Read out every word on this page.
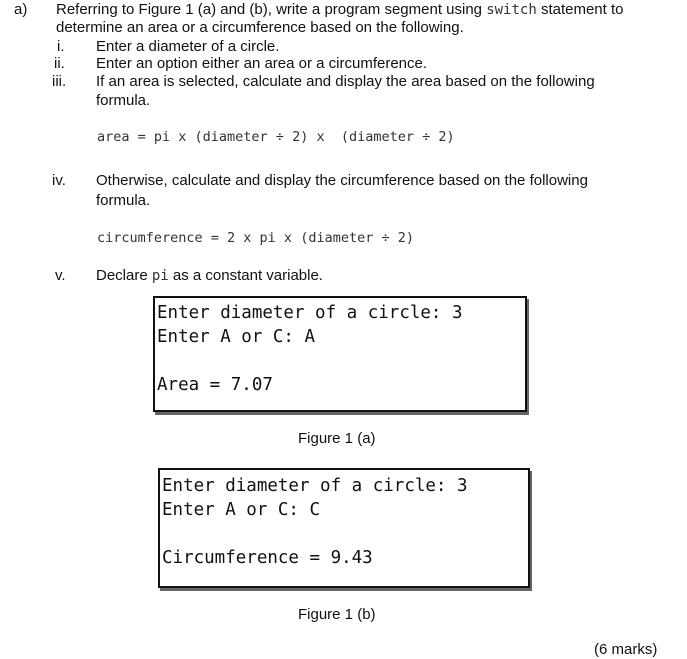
a) Referring to Figure 1 (a) and (b), write a program segment using switch statement to
determine an area or a circumference based on the following.
i. Enter a diameter of a circle.
ii. Enter an option either an area or a circumference.
iii. If an area is selected, calculate and display the area based on the following
formula.
area = pi x (diameter ÷ 2) x  (diameter ÷ 2)
iv. Otherwise, calculate and display the circumference based on the following
formula.
circumference = 2 x pi x (diameter ÷ 2)
v. Declare pi as a constant variable.
Enter diameter of a circle: 3
Enter A or C: A
Area = 7.07
Figure 1 (a)
Enter diameter of a circle: 3
Enter A or C: C
Circumference = 9.43
Figure 1 (b)
(6 marks)
